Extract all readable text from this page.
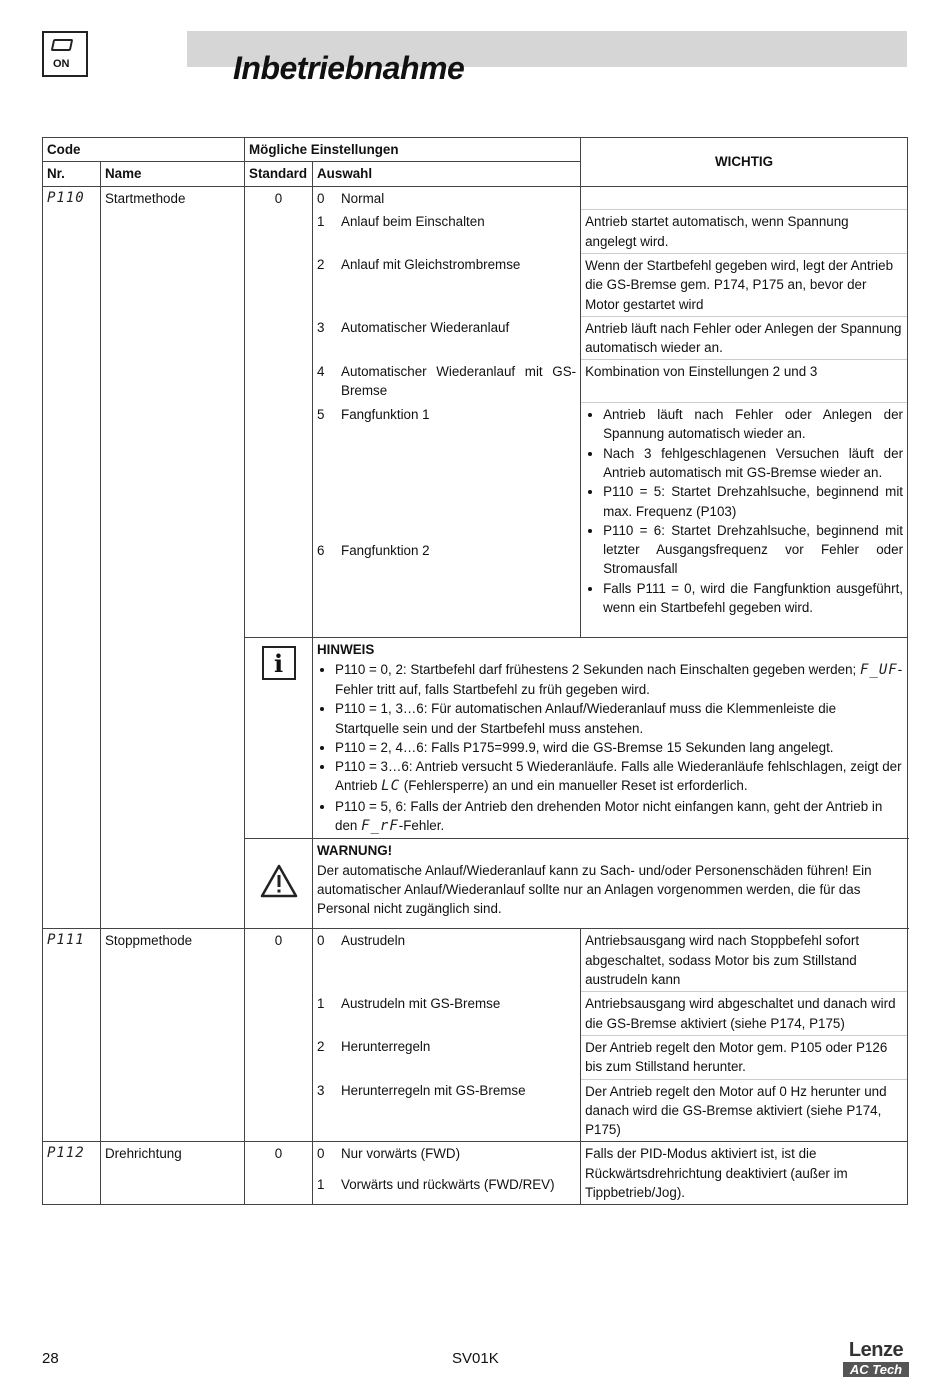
ON	Inbetriebnahme
Code	Mögliche Einstellungen	WICHTIG
Nr.	Name	Standard	Auswahl
P110	Startmethode	0		0	Normal

1	Anlauf beim Einschalten
		Antrieb startet automatisch, wenn Spannung angelegt wird.

2	Anlauf mit Gleichstrombremse
		Wenn der Startbefehl gegeben wird, legt der Antrieb die GS-Bremse gem. P174, P175 an, bevor der Motor gestartet wird

3	Automatischer Wiederanlauf
		Antrieb läuft nach Fehler oder Anlegen der Spannung automatisch wieder an.

4	Automatischer Wiederanlauf mit GS-Bremse
	Kombination von Einstellungen 2 und 3

5	Fangfunktion 1

•	Antrieb läuft nach Fehler oder Anlegen der Spannung automatisch wieder an.
• Nach 3 fehlgeschlagenen Versuchen läuft der Antrieb automatisch mit GS-Bremse wieder an.
• P110 = 5: Startet Drehzahlsuche, beginnend mit max. Frequenz (P103)
• P110 = 6: Startet Drehzahlsuche, beginnend mit letzter Ausgangsfrequenz vor Fehler oder Stromausfall
• Falls P111 = 0, wird die Fangfunktion ausgeführt, wenn ein Startbefehl gegeben wird.

6	Fangfunktion 2

i	HINWEIS
• P110 = 0, 2: Startbefehl darf frühestens 2 Sekunden nach Einschalten gegeben werden; F_UF-Fehler tritt auf, falls Startbefehl zu früh gegeben wird.
• P110 = 1, 3…6: Für automatischen Anlauf/Wiederanlauf muss die Klemmenleiste die Startquelle sein und der Startbefehl muss anstehen.
• P110 = 2, 4…6: Falls P175=999.9, wird die GS-Bremse 15 Sekunden lang angelegt.
• P110 = 3…6: Antrieb versucht 5 Wiederanläufe. Falls alle Wiederanläufe fehlschlagen, zeigt der Antrieb LC (Fehlersperre) an und ein manueller Reset ist erforderlich.
• P110 = 5, 6: Falls der Antrieb den drehenden Motor nicht einfangen kann, geht der Antrieb in den F_rF-Fehler.

WARNUNG!
Der automatische Anlauf/Wiederanlauf kann zu Sach- und/oder Personenschäden führen! Ein automatischer Anlauf/Wiederanlauf sollte nur an Anlagen vorgenommen werden, die für das Personal nicht zugänglich sind.

P111	Stoppmethode	0		0	Austrudeln
		Antriebsausgang wird nach Stoppbefehl sofort abgeschaltet, sodass Motor bis zum Stillstand austrudeln kann

1	Austrudeln mit GS-Bremse
		Antriebsausgang wird abgeschaltet und danach wird die GS-Bremse aktiviert (siehe P174, P175)

2	Herunterregeln
		Der Antrieb regelt den Motor gem. P105 oder P126 bis zum Stillstand herunter.

3	Herunterregeln mit GS-Bremse
		Der Antrieb regelt den Motor auf 0 Hz herunter und danach wird die GS-Bremse aktiviert (siehe P174, P175)

P112	Drehrichtung	0		0	Nur vorwärts (FWD)
		Falls der PID-Modus aktiviert ist, ist die Rückwärtsdrehrichtung deaktiviert (außer im Tippbetrieb/Jog).

1	Vorwärts und rückwärts (FWD/REV)
28	SV01K	Lenze
AC Tech
